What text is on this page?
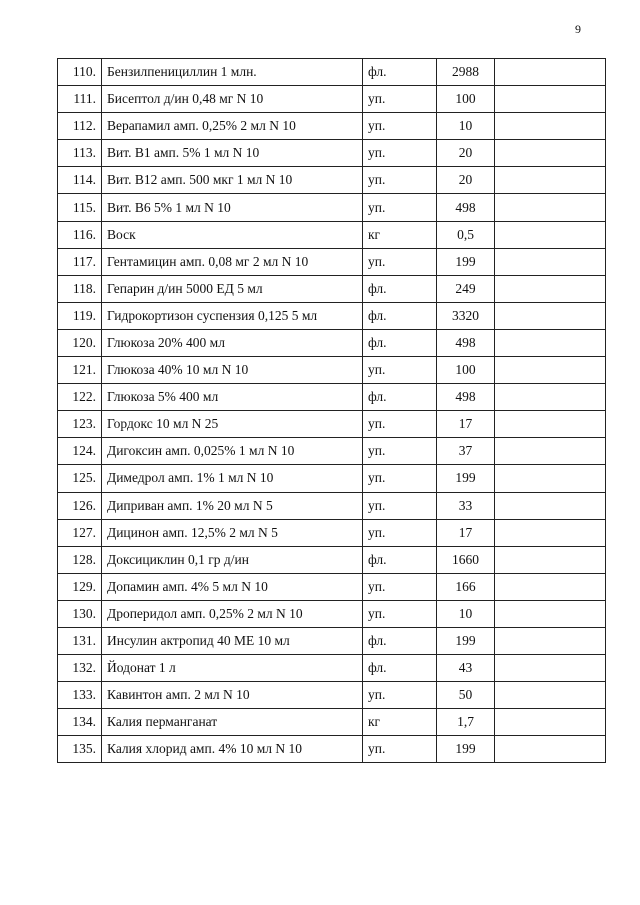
9
110.	Бензилпенициллин 1 млн.	фл.	2988	
111.	Бисептол д/ин 0,48 мг N 10	уп.	100	
112.	Верапамил амп. 0,25% 2 мл N 10	уп.	10	
113.	Вит. В1 амп. 5% 1 мл N 10	уп.	20	
114.	Вит. В12 амп. 500 мкг 1 мл N 10	уп.	20	
115.	Вит. В6 5% 1 мл N 10	уп.	498	
116.	Воск	кг	0,5	
117.	Гентамицин амп. 0,08 мг 2 мл N 10	уп.	199	
118.	Гепарин д/ин 5000 ЕД 5 мл	фл.	249	
119.	Гидрокортизон суспензия 0,125 5 мл	фл.	3320	
120.	Глюкоза 20% 400 мл	фл.	498	
121.	Глюкоза 40% 10 мл N 10	уп.	100	
122.	Глюкоза 5% 400 мл	фл.	498	
123.	Гордокс 10 мл N 25	уп.	17	
124.	Дигоксин амп. 0,025% 1 мл N 10	уп.	37	
125.	Димедрол амп. 1% 1 мл N 10	уп.	199	
126.	Диприван амп. 1% 20 мл N 5	уп.	33	
127.	Дицинон амп. 12,5% 2 мл N 5	уп.	17	
128.	Доксициклин 0,1 гр д/ин	фл.	1660	
129.	Допамин амп. 4% 5 мл N 10	уп.	166	
130.	Дроперидол амп. 0,25% 2 мл N 10	уп.	10	
131.	Инсулин актропид 40 МЕ 10 мл	фл.	199	
132.	Йодонат 1 л	фл.	43	
133.	Кавинтон амп. 2 мл N 10	уп.	50	
134.	Калия перманганат	кг	1,7	
135.	Калия хлорид амп. 4% 10 мл N 10	уп.	199	
